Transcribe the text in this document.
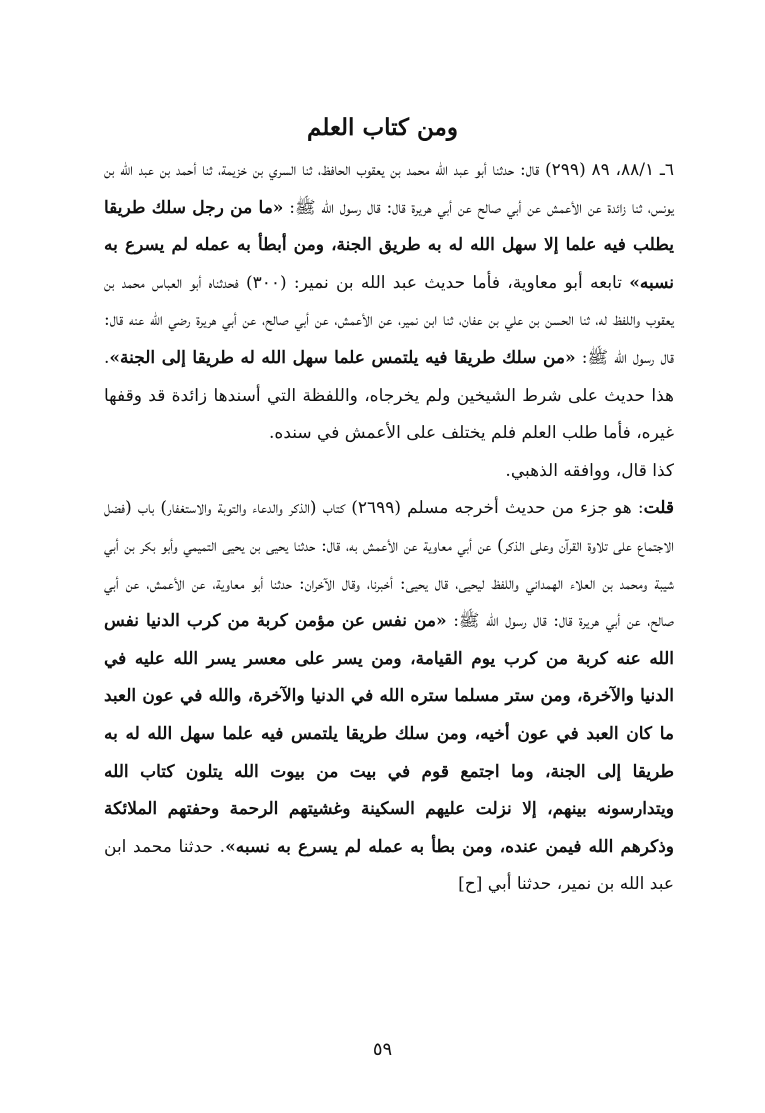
ومن كتاب العلم

٦ـ ٨٨/١، ٨٩ (٢٩٩) قال: حدثنا أبو عبد الله محمد بن يعقوب الحافظ، ثنا السري بن خزيمة، ثنا أحمد بن عبد الله بن يونس، ثنا زائدة عن الأعمش عن أبي صالح عن أبي هريرة قال: قال رسول الله ﷺ: «ما من رجل سلك طريقا يطلب فيه علما إلا سهل الله له به طريق الجنة، ومن أبطأ به عمله لم يسرع به نسبه» تابعه أبو معاوية، فأما حديث عبد الله بن نمير: (٣٠٠) فحدثناه أبو العباس محمد بن يعقوب واللفظ له، ثنا الحسن بن علي بن عفان، ثنا ابن نمير، عن الأعمش، عن أبي صالح، عن أبي هريرة رضي الله عنه قال: قال رسول الله ﷺ: «من سلك طريقا فيه يلتمس علما سهل الله له طريقا إلى الجنة». هذا حديث على شرط الشيخين ولم يخرجاه، واللفظة التي أسندها زائدة قد وقفها غيره، فأما طلب العلم فلم يختلف على الأعمش في سنده.

كذا قال، ووافقه الذهبي.

قلت: هو جزء من حديث أخرجه مسلم (٢٦٩٩) كتاب (الذكر والدعاء والتوبة والاستغفار) باب (فضل الاجتماع على تلاوة القرآن وعلى الذكر) عن أبي معاوية عن الأعمش به، قال: حدثنا يحيى بن يحيى التميمي وأبو بكر بن أبي شيبة ومحمد بن العلاء الهمداني واللفظ ليحيى، قال يحيى: أخبرنا، وقال الآخران: حدثنا أبو معاوية، عن الأعمش، عن أبي صالح، عن أبي هريرة قال: قال رسول الله ﷺ: «من نفس عن مؤمن كربة من كرب الدنيا نفس الله عنه كربة من كرب يوم القيامة، ومن يسر على معسر يسر الله عليه في الدنيا والآخرة، ومن ستر مسلما ستره الله في الدنيا والآخرة، والله في عون العبد ما كان العبد في عون أخيه، ومن سلك طريقا يلتمس فيه علما سهل الله له به طريقا إلى الجنة، وما اجتمع قوم في بيت من بيوت الله يتلون كتاب الله ويتدارسونه بينهم، إلا نزلت عليهم السكينة وغشيتهم الرحمة وحفتهم الملائكة وذكرهم الله فيمن عنده، ومن بطأ به عمله لم يسرع به نسبه». حدثنا محمد ابن عبد الله بن نمير، حدثنا أبي [ح]

٥٩
